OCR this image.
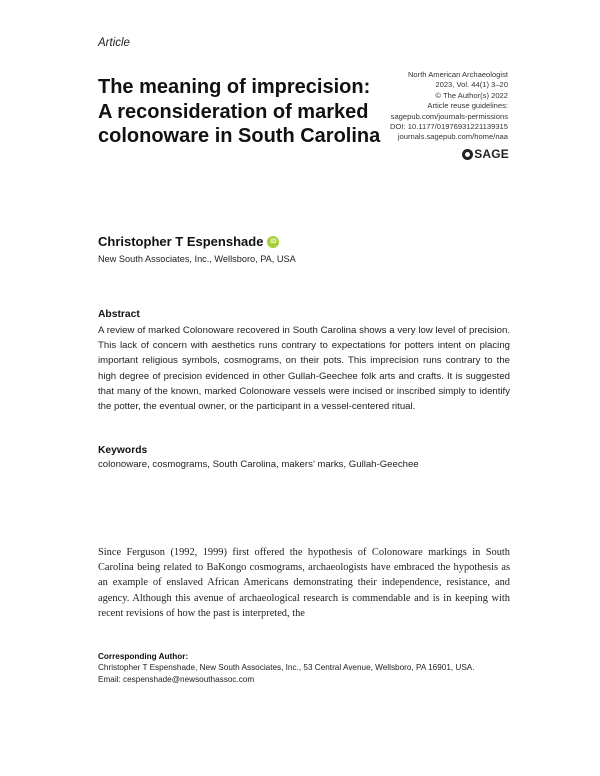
Article
The meaning of imprecision: A reconsideration of marked colonoware in South Carolina
North American Archaeologist
2023, Vol. 44(1) 3–20
© The Author(s) 2022
Article reuse guidelines:
sagepub.com/journals-permissions
DOI: 10.1177/01976931221139315
journals.sagepub.com/home/naa
SAGE
Christopher T Espenshade	iD
New South Associates, Inc., Wellsboro, PA, USA
Abstract
A review of marked Colonoware recovered in South Carolina shows a very low level of precision. This lack of concern with aesthetics runs contrary to expectations for potters intent on placing important religious symbols, cosmograms, on their pots. This imprecision runs contrary to the high degree of precision evidenced in other Gullah-Geechee folk arts and crafts. It is suggested that many of the known, marked Colonoware vessels were incised or inscribed simply to identify the potter, the eventual owner, or the participant in a vessel-centered ritual.
Keywords
colonoware, cosmograms, South Carolina, makers’ marks, Gullah-Geechee
Since Ferguson (1992, 1999) first offered the hypothesis of Colonoware markings in South Carolina being related to BaKongo cosmograms, archaeologists have embraced the hypothesis as an example of enslaved African Americans demonstrating their independence, resistance, and agency. Although this avenue of archaeological research is commendable and is in keeping with recent revisions of how the past is interpreted, the
Corresponding Author:
Christopher T Espenshade, New South Associates, Inc., 53 Central Avenue, Wellsboro, PA 16901, USA.
Email: cespenshade@newsouthassoc.com
